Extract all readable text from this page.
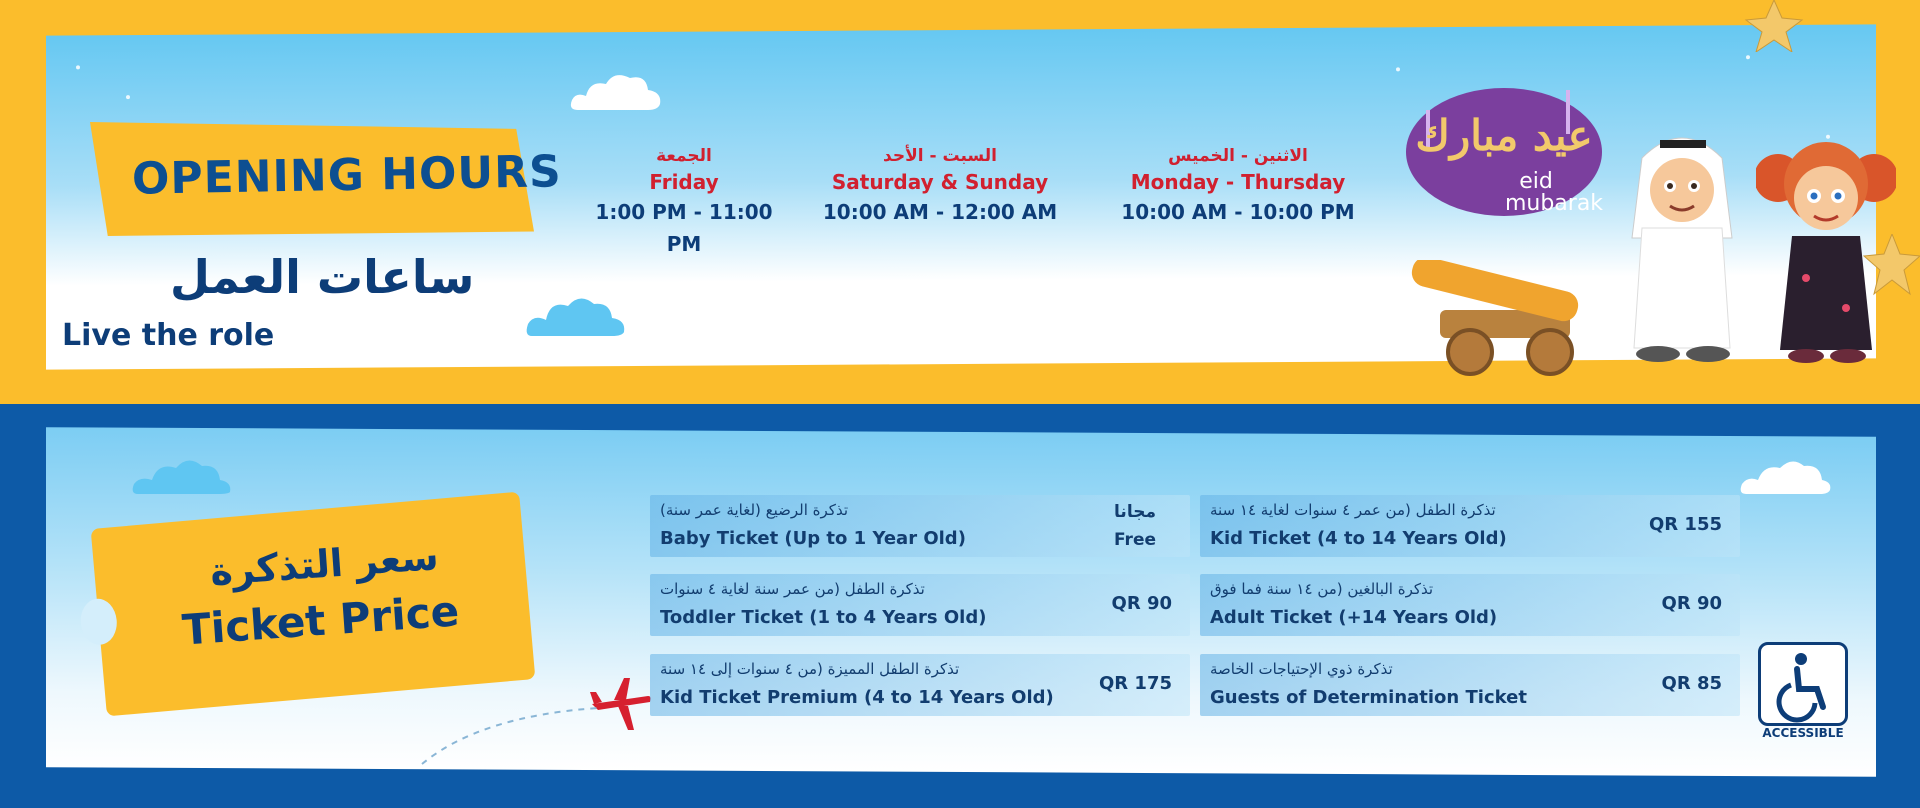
OPENING HOURS
ساعات العمل
Live the role
الجمعة
Friday
1:00 PM - 11:00 PM
السبت - الأحد
Saturday & Sunday
10:00 AM - 12:00 AM
الاثنين - الخميس
Monday - Thursday
10:00 AM - 10:00 PM
عيد مبارك
eid
mubarak
سعر التذكرة
Ticket Price
تذكرة الرضيع (لغاية عمر سنة)
Baby Ticket (Up to 1 Year Old)
مجانا
Free
تذكرة الطفل (من عمر سنة لغاية ٤ سنوات
Toddler Ticket (1 to 4 Years Old)
QR 90
تذكرة الطفل المميزة (من ٤ سنوات إلى ١٤ سنة
Kid Ticket Premium (4 to 14 Years Old)
QR 175
تذكرة الطفل (من عمر ٤ سنوات لغاية ١٤ سنة
Kid Ticket (4 to 14 Years Old)
QR 155
تذكرة البالغين (من ١٤ سنة فما فوق
Adult Ticket (+14 Years Old)
QR 90
تذكرة ذوي الإحتياجات الخاصة
Guests of Determination Ticket
QR 85
ACCESSIBLE
